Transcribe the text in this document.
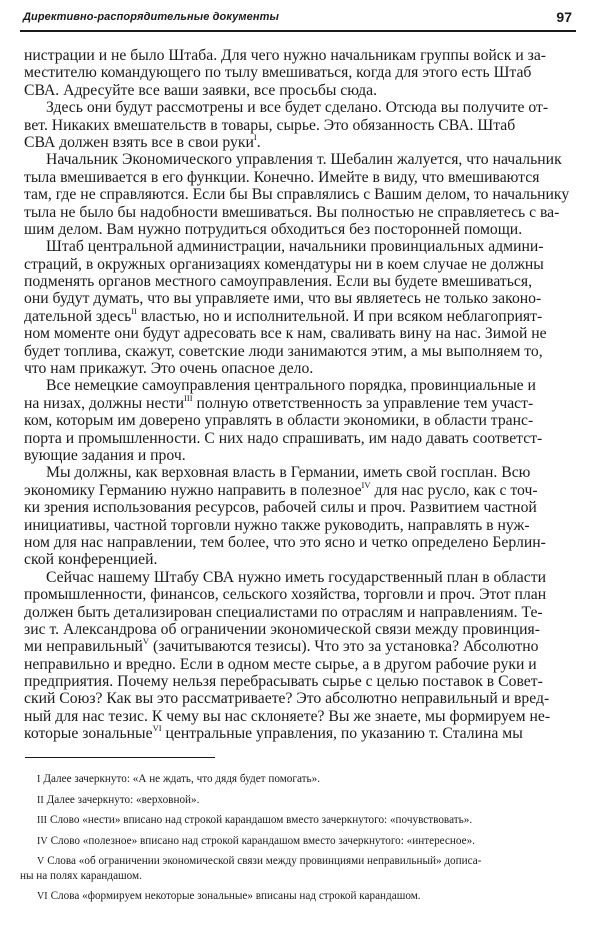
Директивно-распорядительные документы	97
нистрации и не было Штаба. Для чего нужно начальникам группы войск и за-
местителю командующего по тылу вмешиваться, когда для этого есть Штаб
СВА. Адресуйте все ваши заявки, все просьбы сюда.
Здесь они будут рассмотрены и все будет сделано. Отсюда вы получите от-
вет. Никаких вмешательств в товары, сырье. Это обязанность СВА. Штаб
СВА должен взять все в свои руки$^I$.
Начальник Экономического управления т. Шебалин жалуется, что начальник
тыла вмешивается в его функции. Конечно. Имейте в виду, что вмешиваются
там, где не справляются. Если бы Вы справлялись с Вашим делом, то начальнику
тыла не было бы надобности вмешиваться. Вы полностью не справляетесь с ва-
шим делом. Вам нужно потрудиться обходиться без посторонней помощи.
Штаб центральной администрации, начальники провинциальных админи-
страций, в окружных организациях комендатуры ни в коем случае не должны
подменять органов местного самоуправления. Если вы будете вмешиваться,
они будут думать, что вы управляете ими, что вы являетесь не только законо-
дательной здесь$^{II}$ властью, но и исполнительной. И при всяком неблагоприят-
ном моменте они будут адресовать все к нам, сваливать вину на нас. Зимой не
будет топлива, скажут, советские люди занимаются этим, а мы выполняем то,
что нам прикажут. Это очень опасное дело.
Все немецкие самоуправления центрального порядка, провинциальные и
на низах, должны нести$^{III}$ полную ответственность за управление тем участ-
ком, которым им доверено управлять в области экономики, в области транс-
порта и промышленности. С них надо спрашивать, им надо давать соответст-
вующие задания и проч.
Мы должны, как верховная власть в Германии, иметь свой госплан. Всю
экономику Германию нужно направить в полезное$^{IV}$ для нас русло, как с точ-
ки зрения использования ресурсов, рабочей силы и проч. Развитием частной
инициативы, частной торговли нужно также руководить, направлять в нуж-
ном для нас направлении, тем более, что это ясно и четко определено Берлин-
ской конференцией.
Сейчас нашему Штабу СВА нужно иметь государственный план в области
промышленности, финансов, сельского хозяйства, торговли и проч. Этот план
должен быть детализирован специалистами по отраслям и направлениям. Те-
зис т. Александрова об ограничении экономической связи между провинция-
ми неправильный$^V$ (зачитываются тезисы). Что это за установка? Абсолютно
неправильно и вредно. Если в одном месте сырье, а в другом рабочие руки и
предприятия. Почему нельзя перебрасывать сырье с целью поставок в Совет-
ский Союз? Как вы это рассматриваете? Это абсолютно неправильный и вред-
ный для нас тезис. К чему вы нас склоняете? Вы же знаете, мы формируем не-
которые зональные$^{VI}$ центральные управления, по указанию т. Сталина мы
I Далее зачеркнуто: «А не ждать, что дядя будет помогать».
II Далее зачеркнуто: «верховной».
III Слово «нести» вписано над строкой карандашом вместо зачеркнутого: «почувствовать».
IV Слово «полезное» вписано над строкой карандашом вместо зачеркнутого: «интересное».
V Слова «об ограничении экономической связи между провинциями неправильный» дописа-
ны на полях карандашом.
VI Слова «формируем некоторые зональные» вписаны над строкой карандашом.
